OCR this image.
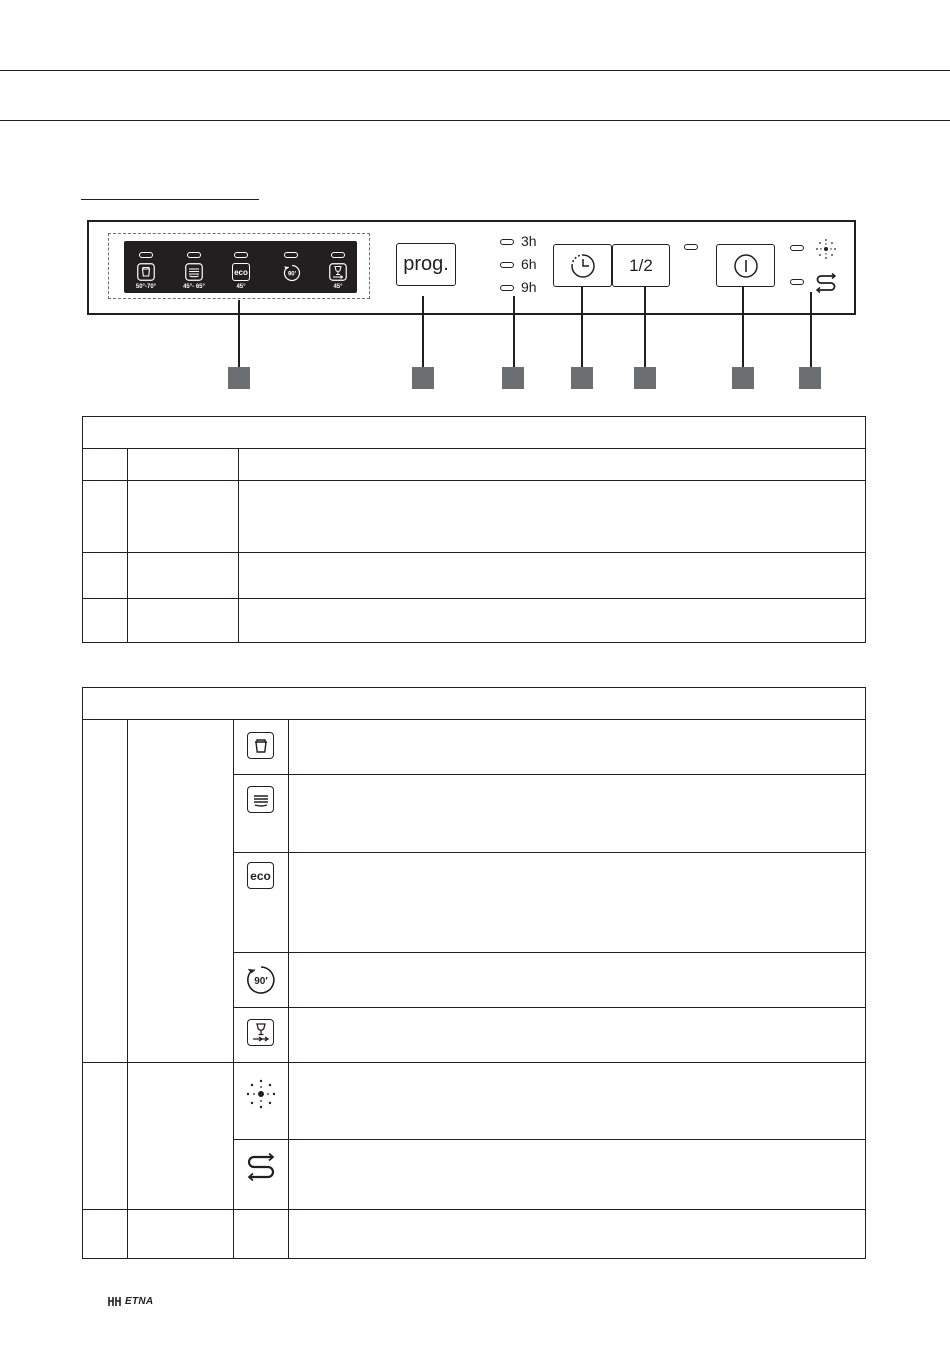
eco	90'
50°-70°	45°- 65°	45°	45°
prog.
3h
6h
9h
1/2
eco
90′
ETNA
